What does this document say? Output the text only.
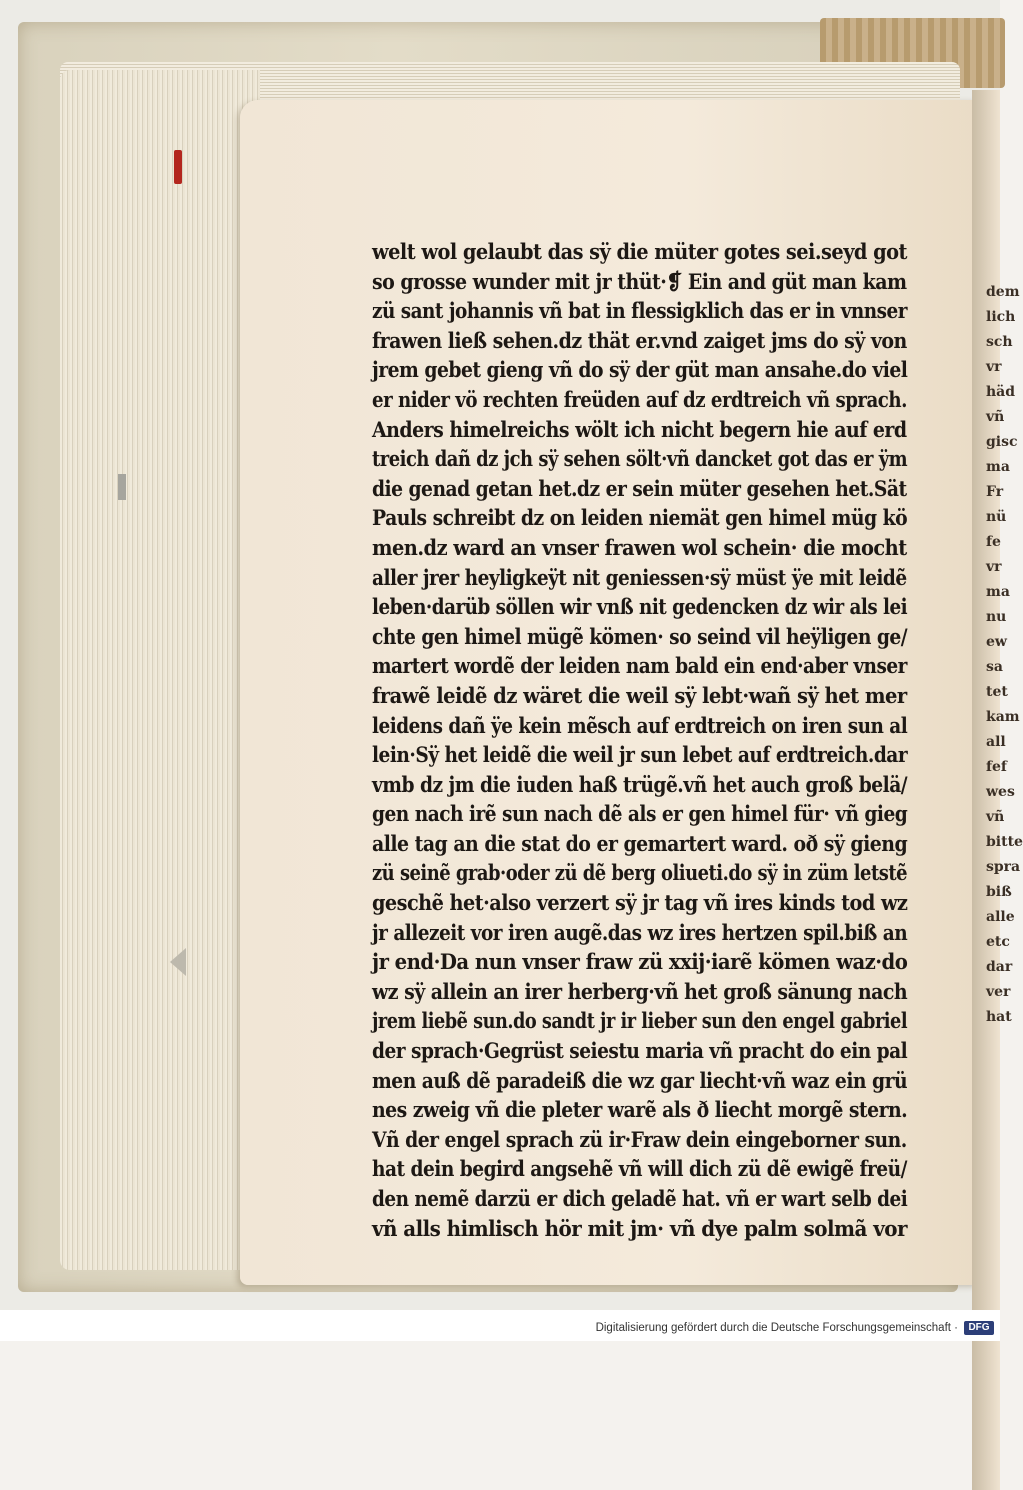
welt wol gelaubt das sÿ die müter gotes sei.seyd got
so grosse wunder mit jr thüt·❡ Ein and güt man kam
zü sant johannis vñ bat in flessigklich das er in vnnser
frawen ließ sehen.dz thät er.vnd zaiget jms do sÿ von
jrem gebet gieng vñ do sÿ der güt man ansahe.do viel
er nider vö rechten freüden auf dz erdtreich vñ sprach.
Anders himelreichs wölt ich nicht begern hie auf erd
treich dañ dz jch sÿ sehen sölt·vñ dancket got das er ÿm
die genad getan het.dz er sein müter gesehen het.Sät
Pauls schreibt dz on leiden niemät gen himel müg kö
men.dz ward an vnser frawen wol schein· die mocht
aller jrer heyligkeÿt nit geniessen·sÿ müst ÿe mit leidẽ
leben·darüb söllen wir vnß nit gedencken dz wir als lei
chte gen himel mügẽ kömen· so seind vil heÿligen ge/
martert wordẽ der leiden nam bald ein end·aber vnser
frawẽ leidẽ dz wäret die weil sÿ lebt·wañ sÿ het mer
leidens dañ ÿe kein mẽsch auf erdtreich on iren sun al
lein·Sÿ het leidẽ die weil jr sun lebet auf erdtreich.dar
vmb dz jm die iuden haß trügẽ.vñ het auch groß belä/
gen nach irẽ sun nach dẽ als er gen himel für· vñ gieg
alle tag an die stat do er gemartert ward. oð sÿ gieng
zü seinẽ grab·oder zü dẽ berg oliueti.do sÿ in züm letstẽ
geschẽ het·also verzert sÿ jr tag vñ ires kinds tod wz
jr allezeit vor iren augẽ.das wz ires hertzen spil.biß an
jr end·Da nun vnser fraw zü xxij·iarẽ kömen waz·do
wz sÿ allein an irer herberg·vñ het groß sänung nach
jrem liebẽ sun.do sandt jr ir lieber sun den engel gabriel
der sprach·Gegrüst seiestu maria vñ pracht do ein pal
men auß dẽ paradeiß die wz gar liecht·vñ waz ein grü
nes zweig vñ die pleter warẽ als ð liecht morgẽ stern.
Vñ der engel sprach zü ir·Fraw dein eingeborner sun.
hat dein begird angsehẽ vñ will dich zü dẽ ewigẽ freü/
den nemẽ darzü er dich geladẽ hat. vñ er wart selb dei
vñ alls himlisch hör mit jm· vñ dye palm solmã vor
dem
lich
sch
vr
häd
vñ
gisc
ma
Fr
nü
fe
vr
ma
nu
ew
sa
tet
kam
all
fef
wes
vñ
bitte
spra
biß
alle
etc
dar
ver
hat
Digitalisierung gefördert durch die Deutsche Forschungsgemeinschaft ·	DFG
